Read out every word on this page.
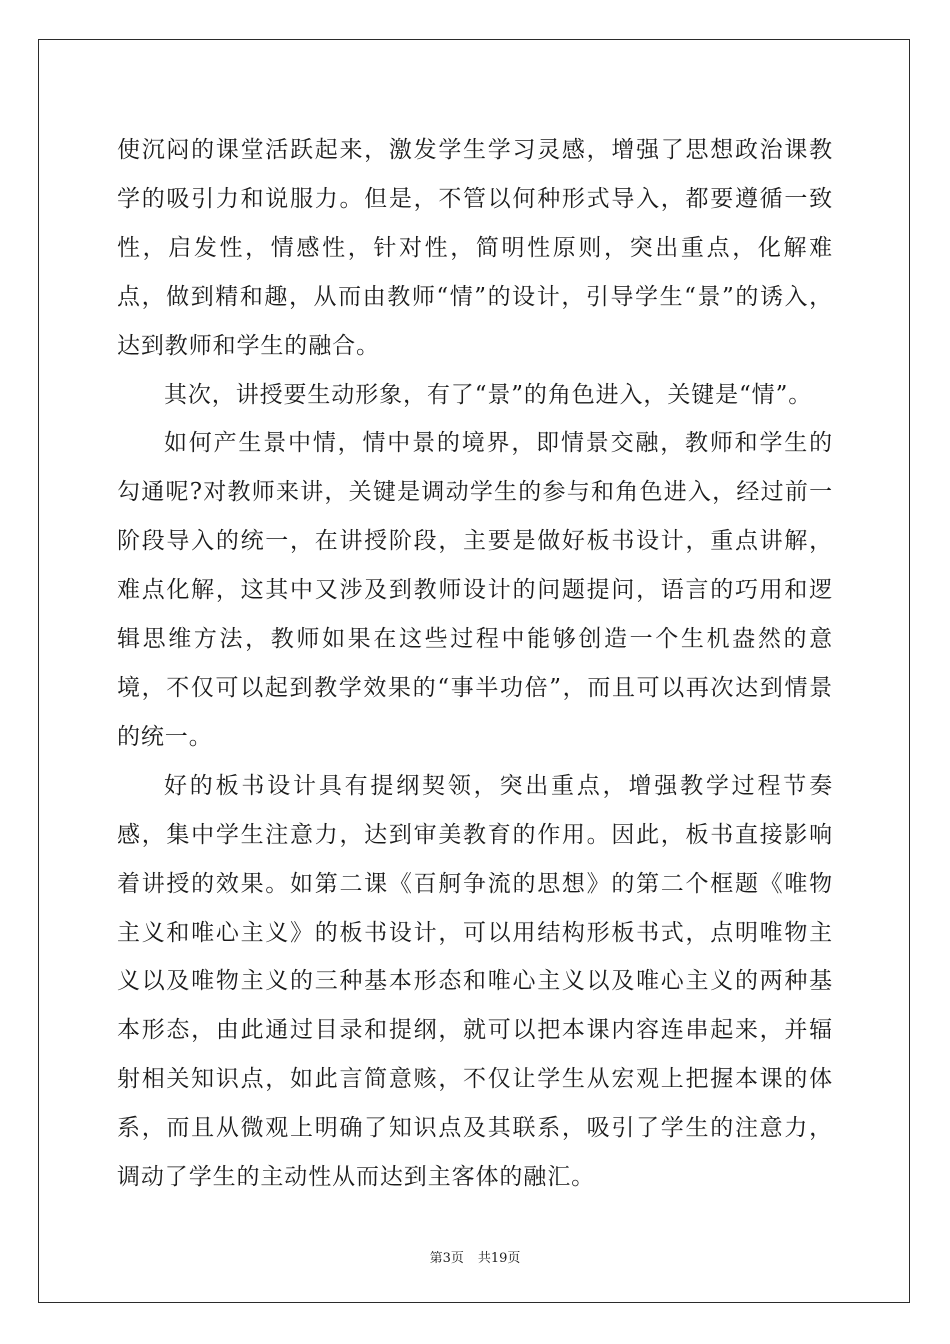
使沉闷的课堂活跃起来，激发学生学习灵感，增强了思想政治课教学的吸引力和说服力。但是，不管以何种形式导入，都要遵循一致性，启发性，情感性，针对性，简明性原则，突出重点，化解难点，做到精和趣，从而由教师“情”的设计，引导学生“景”的诱入，达到教师和学生的融合。

其次，讲授要生动形象，有了“景”的角色进入，关键是“情”。

如何产生景中情，情中景的境界，即情景交融，教师和学生的勾通呢?对教师来讲，关键是调动学生的参与和角色进入，经过前一阶段导入的统一，在讲授阶段，主要是做好板书设计，重点讲解，难点化解，这其中又涉及到教师设计的问题提问，语言的巧用和逻辑思维方法，教师如果在这些过程中能够创造一个生机盎然的意境，不仅可以起到教学效果的“事半功倍”，而且可以再次达到情景的统一。

好的板书设计具有提纲契领，突出重点，增强教学过程节奏感，集中学生注意力，达到审美教育的作用。因此，板书直接影响着讲授的效果。如第二课《百舸争流的思想》的第二个框题《唯物主义和唯心主义》的板书设计，可以用结构形板书式，点明唯物主义以及唯物主义的三种基本形态和唯心主义以及唯心主义的两种基本形态，由此通过目录和提纲，就可以把本课内容连串起来，并辐射相关知识点，如此言简意赅，不仅让学生从宏观上把握本课的体系，而且从微观上明确了知识点及其联系，吸引了学生的注意力，调动了学生的主动性从而达到主客体的融汇。

第3页 共19页
